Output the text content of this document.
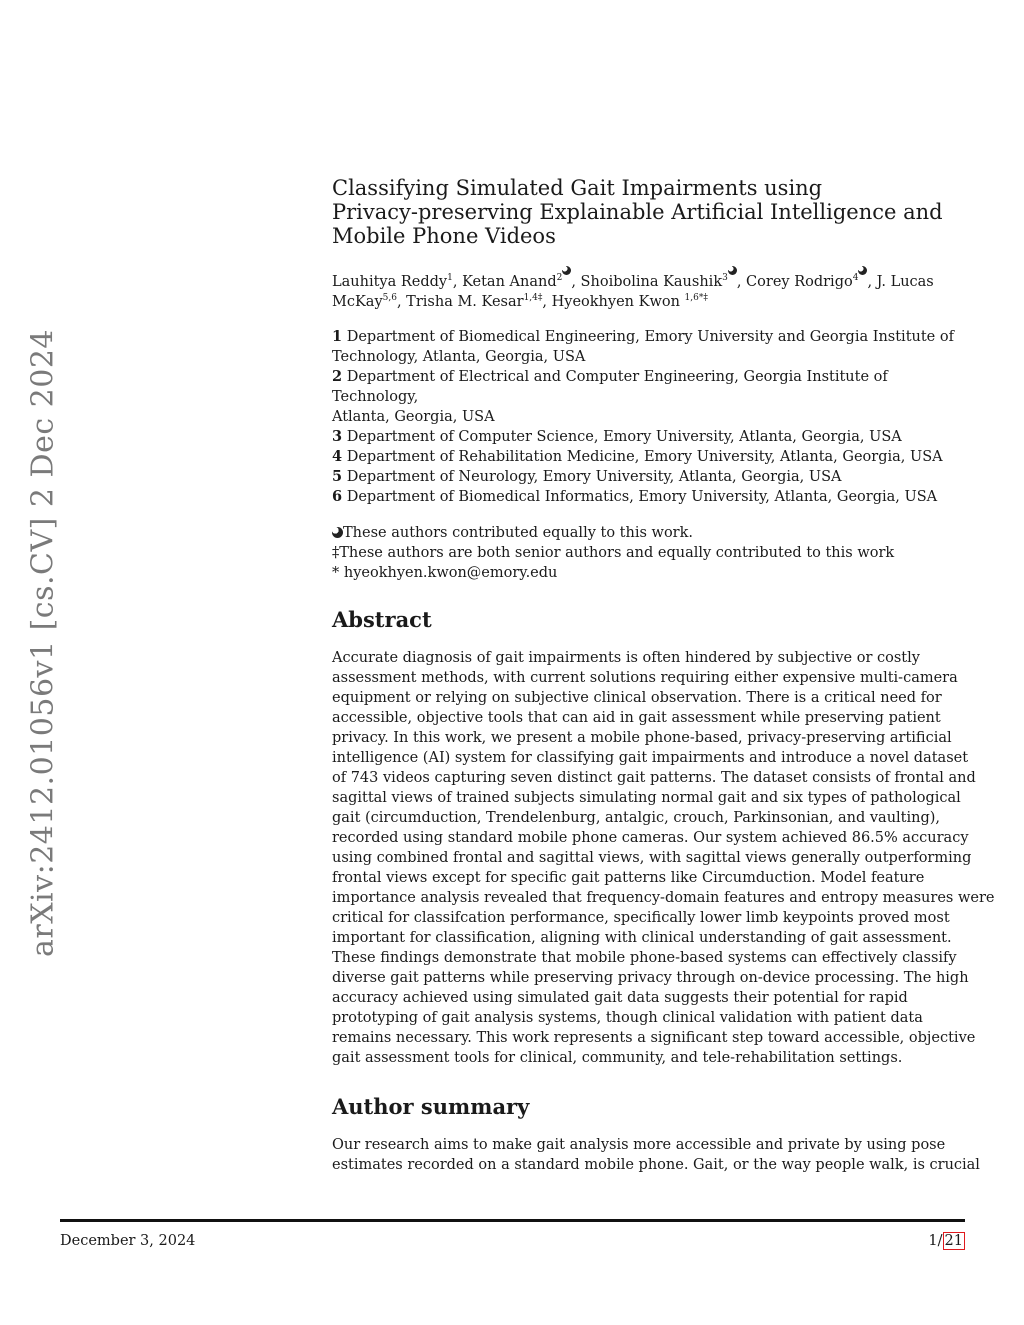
arXiv:2412.01056v1 [cs.CV] 2 Dec 2024
Classifying Simulated Gait Impairments using
Privacy-preserving Explainable Artificial Intelligence and
Mobile Phone Videos
Lauhitya Reddy$^1$, Ketan Anand$^2$ , Shoibolina Kaushik$^3$ , Corey Rodrigo$^4$ , J. Lucas
McKay$^{5,6}$, Trisha M. Kesar$^{1,4\ddagger}$, Hyeokhyen Kwon $^{1,6*\ddagger}$
1 Department of Biomedical Engineering, Emory University and Georgia Institute of
Technology, Atlanta, Georgia, USA
2 Department of Electrical and Computer Engineering, Georgia Institute of Technology,
Atlanta, Georgia, USA
3 Department of Computer Science, Emory University, Atlanta, Georgia, USA
4 Department of Rehabilitation Medicine, Emory University, Atlanta, Georgia, USA
5 Department of Neurology, Emory University, Atlanta, Georgia, USA
6 Department of Biomedical Informatics, Emory University, Atlanta, Georgia, USA
These authors contributed equally to this work.
‡These authors are both senior authors and equally contributed to this work
* hyeokhyen.kwon@emory.edu
Abstract
Accurate diagnosis of gait impairments is often hindered by subjective or costly
assessment methods, with current solutions requiring either expensive multi-camera
equipment or relying on subjective clinical observation. There is a critical need for
accessible, objective tools that can aid in gait assessment while preserving patient
privacy. In this work, we present a mobile phone-based, privacy-preserving artificial
intelligence (AI) system for classifying gait impairments and introduce a novel dataset
of 743 videos capturing seven distinct gait patterns. The dataset consists of frontal and
sagittal views of trained subjects simulating normal gait and six types of pathological
gait (circumduction, Trendelenburg, antalgic, crouch, Parkinsonian, and vaulting),
recorded using standard mobile phone cameras. Our system achieved 86.5% accuracy
using combined frontal and sagittal views, with sagittal views generally outperforming
frontal views except for specific gait patterns like Circumduction. Model feature
importance analysis revealed that frequency-domain features and entropy measures were
critical for classifcation performance, specifically lower limb keypoints proved most
important for classification, aligning with clinical understanding of gait assessment.
These findings demonstrate that mobile phone-based systems can effectively classify
diverse gait patterns while preserving privacy through on-device processing. The high
accuracy achieved using simulated gait data suggests their potential for rapid
prototyping of gait analysis systems, though clinical validation with patient data
remains necessary. This work represents a significant step toward accessible, objective
gait assessment tools for clinical, community, and tele-rehabilitation settings.
Author summary
Our research aims to make gait analysis more accessible and private by using pose
estimates recorded on a standard mobile phone. Gait, or the way people walk, is crucial
December 3, 2024	1/ 21
